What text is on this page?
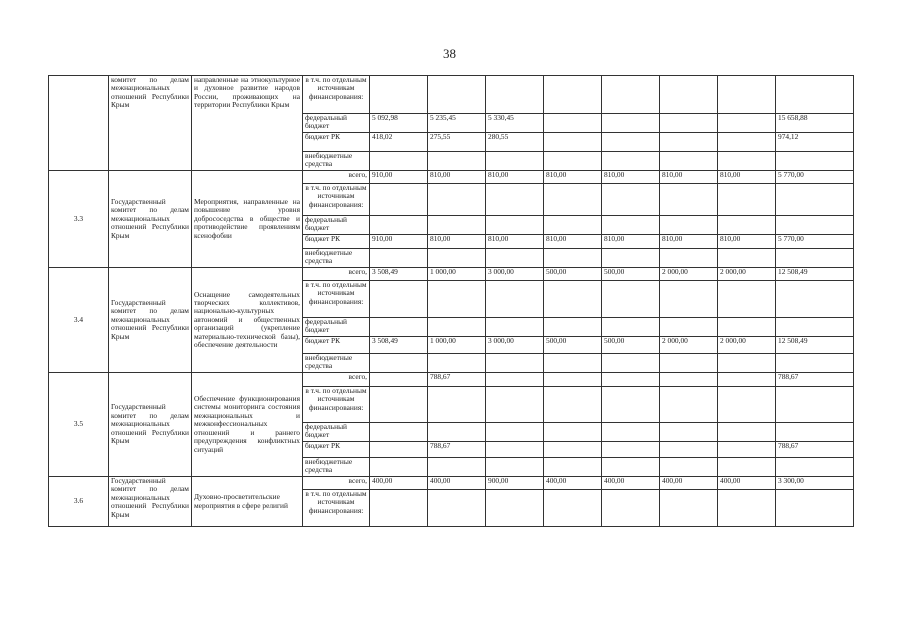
38
	комитет по делам межнациональных отношений Республики Крым	направленные на этнокультурное и духовное развитие народов России, проживающих на территории Республики Крым	в т.ч. по отдельным источникам финансирования:								
			федеральный бюджет	5 092,98	5 235,45	5 330,45					15 658,88
			бюджет РК	418,02	275,55	280,55					974,12
			внебюджетные средства								
3.3	Государственный комитет по делам межнациональных отношений Республики Крым	Мероприятия, направленные на повышение уровня добрососедства в обществе и противодействие проявлениям ксенофобии	всего,	910,00	810,00	810,00	810,00	810,00	810,00	810,00	5 770,00
			в т.ч. по отдельным источникам финансирования:								
			федеральный бюджет								
			бюджет РК	910,00	810,00	810,00	810,00	810,00	810,00	810,00	5 770,00
			внебюджетные средства								
3.4	Государственный комитет по делам межнациональных отношений Республики Крым	Оснащение самодеятельных творческих коллективов, национально-культурных автономий и общественных организаций (укрепление материально-технической базы), обеспечение деятельности	всего,	3 508,49	1 000,00	3 000,00	500,00	500,00	2 000,00	2 000,00	12 508,49
			в т.ч. по отдельным источникам финансирования:								
			федеральный бюджет								
			бюджет РК	3 508,49	1 000,00	3 000,00	500,00	500,00	2 000,00	2 000,00	12 508,49
			внебюджетные средства								
3.5	Государственный комитет по делам межнациональных отношений Республики Крым	Обеспечение функционирования системы мониторинга состояния межнациональных и межконфессиональных отношений и раннего предупреждения конфликтных ситуаций	всего,		788,67						788,67
			в т.ч. по отдельным источникам финансирования:								
			федеральный бюджет								
			бюджет РК		788,67						788,67
			внебюджетные средства								
3.6	Государственный комитет по делам межнациональных отношений Республики Крым	Духовно-просветительские мероприятия в сфере религий	всего,	400,00	400,00	900,00	400,00	400,00	400,00	400,00	3 300,00
			в т.ч. по отдельным источникам финансирования:								
